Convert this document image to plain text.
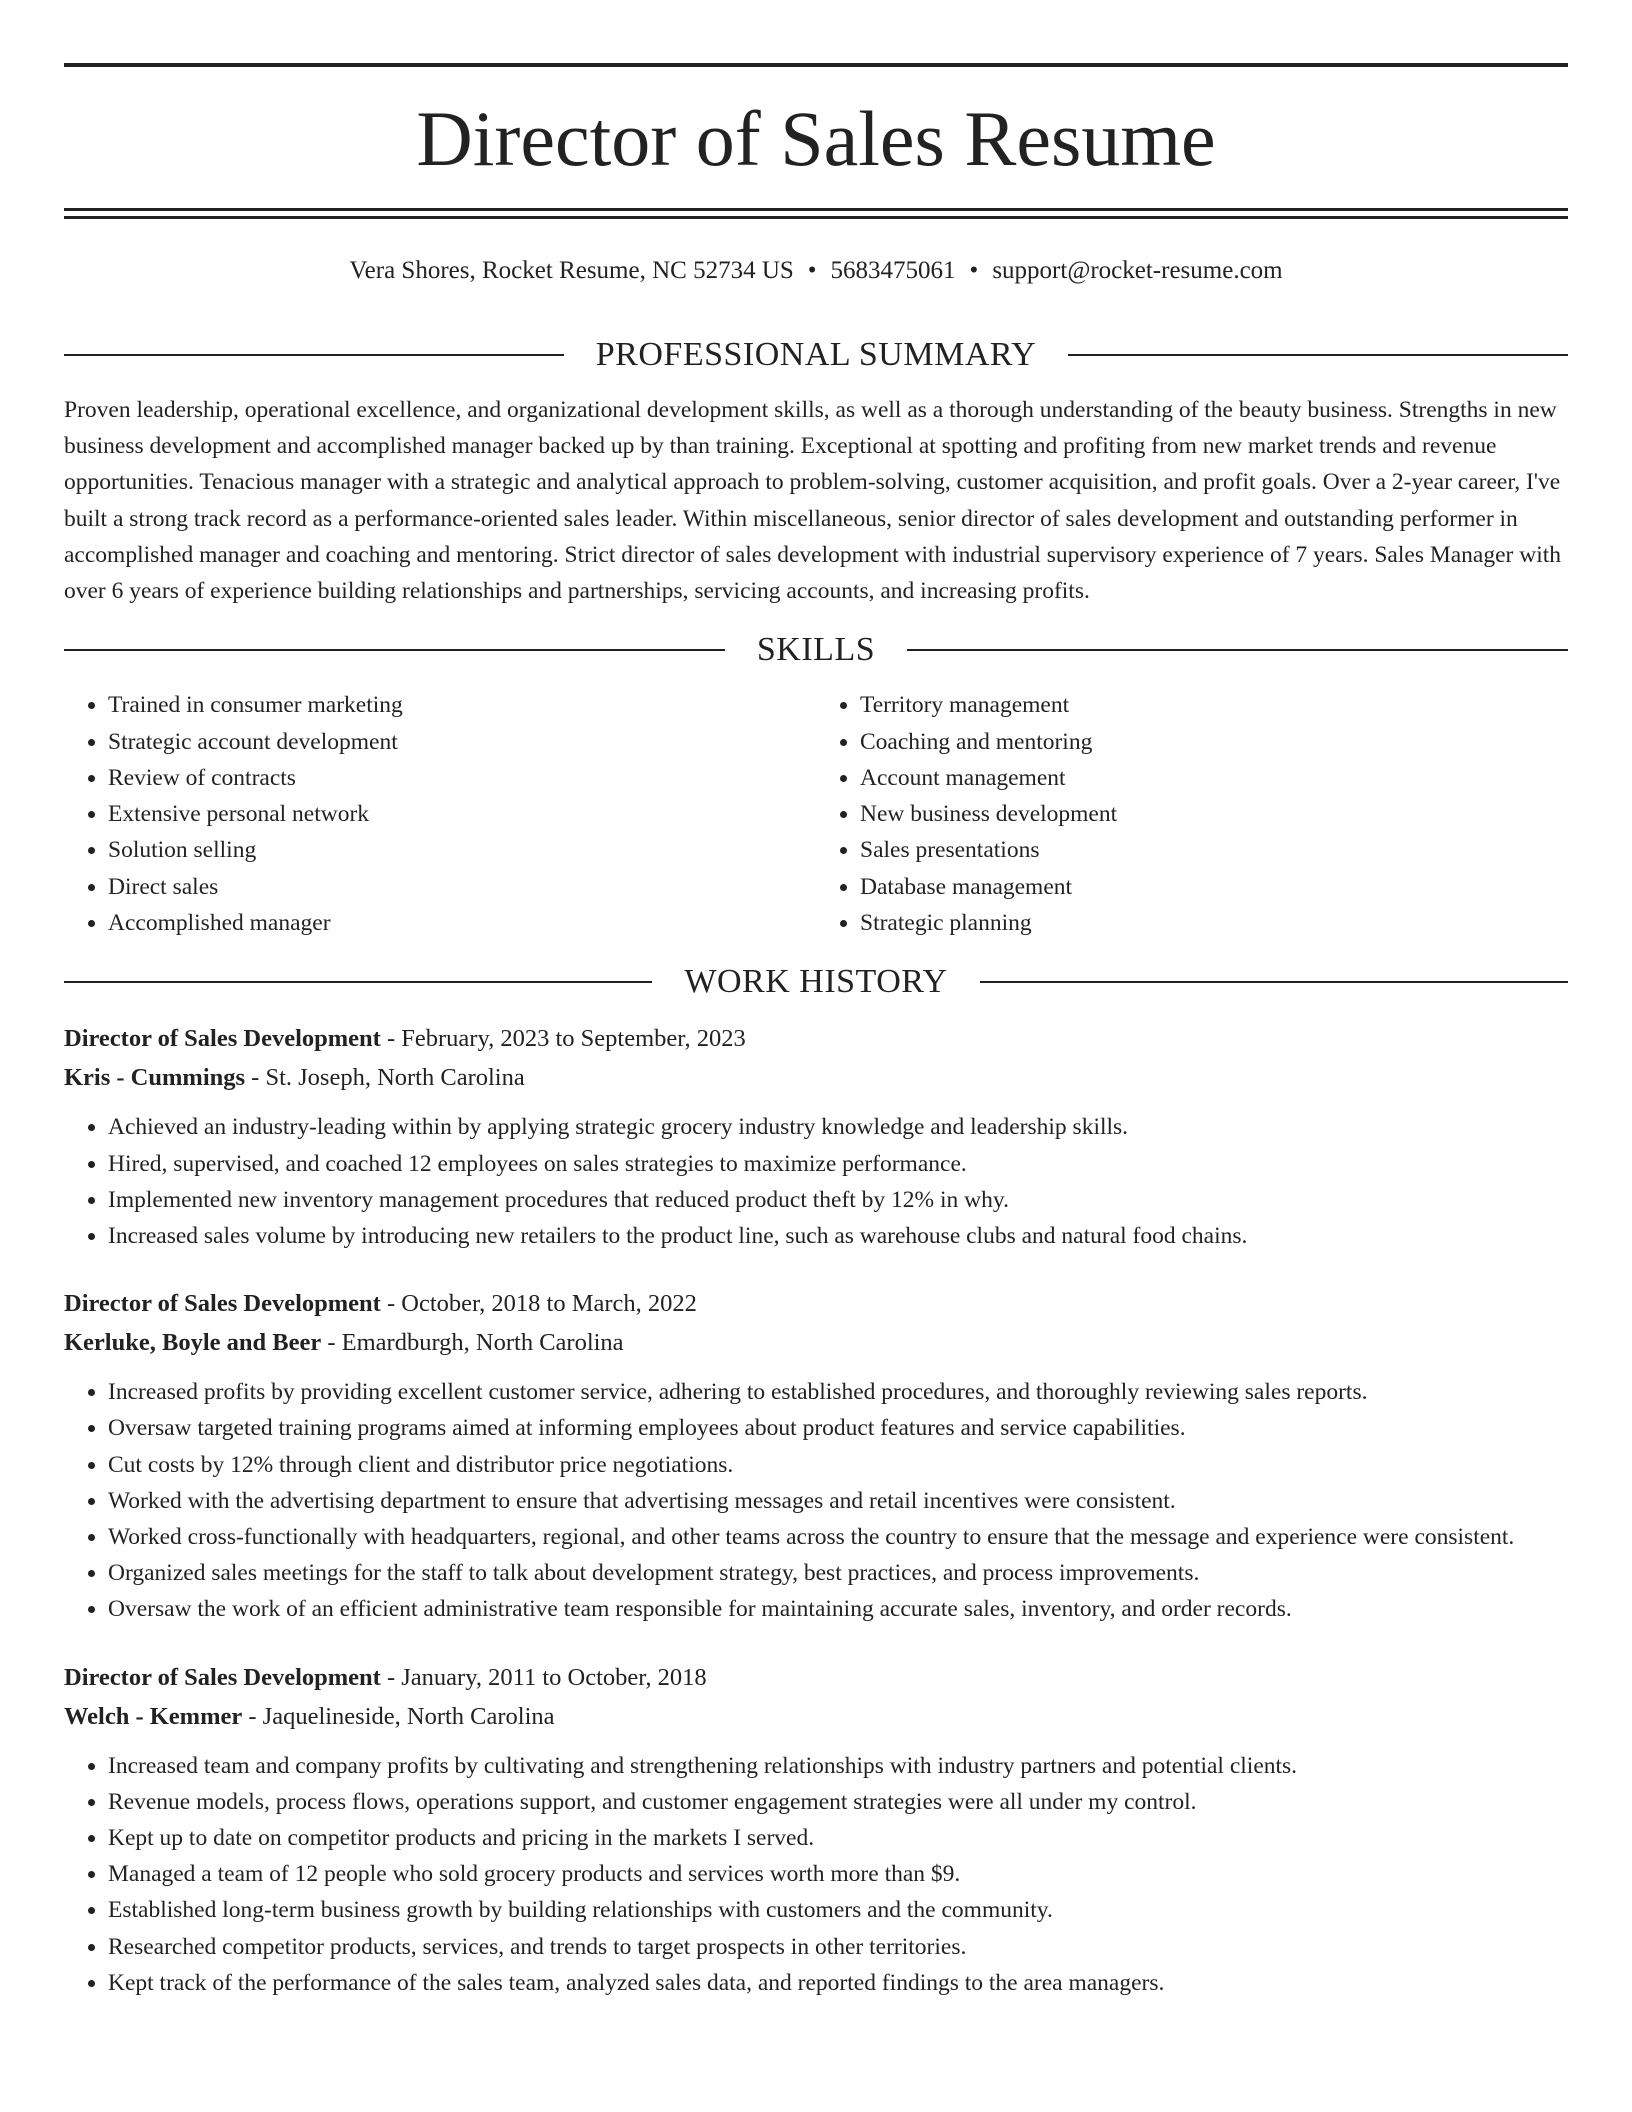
Director of Sales Resume
Vera Shores, Rocket Resume, NC 52734 US • 5683475061 • support@rocket-resume.com
PROFESSIONAL SUMMARY

Proven leadership, operational excellence, and organizational development skills, as well as a thorough understanding of the beauty business. Strengths in new business development and accomplished manager backed up by than training. Exceptional at spotting and profiting from new market trends and revenue opportunities. Tenacious manager with a strategic and analytical approach to problem-solving, customer acquisition, and profit goals. Over a 2-year career, I've built a strong track record as a performance-oriented sales leader. Within miscellaneous, senior director of sales development and outstanding performer in accomplished manager and coaching and mentoring. Strict director of sales development with industrial supervisory experience of 7 years. Sales Manager with over 6 years of experience building relationships and partnerships, servicing accounts, and increasing profits.

SKILLS
• Trained in consumer marketing
• Strategic account development
• Review of contracts
• Extensive personal network
• Solution selling
• Direct sales
• Accomplished manager
• Territory management
• Coaching and mentoring
• Account management
• New business development
• Sales presentations
• Database management
• Strategic planning
WORK HISTORY
Director of Sales Development - February, 2023 to September, 2023
Kris - Cummings - St. Joseph, North Carolina
• Achieved an industry-leading within by applying strategic grocery industry knowledge and leadership skills.
• Hired, supervised, and coached 12 employees on sales strategies to maximize performance.
• Implemented new inventory management procedures that reduced product theft by 12% in why.
• Increased sales volume by introducing new retailers to the product line, such as warehouse clubs and natural food chains.
Director of Sales Development - October, 2018 to March, 2022
Kerluke, Boyle and Beer - Emardburgh, North Carolina
• Increased profits by providing excellent customer service, adhering to established procedures, and thoroughly reviewing sales reports.
• Oversaw targeted training programs aimed at informing employees about product features and service capabilities.
• Cut costs by 12% through client and distributor price negotiations.
• Worked with the advertising department to ensure that advertising messages and retail incentives were consistent.
• Worked cross-functionally with headquarters, regional, and other teams across the country to ensure that the message and experience were consistent.
• Organized sales meetings for the staff to talk about development strategy, best practices, and process improvements.
• Oversaw the work of an efficient administrative team responsible for maintaining accurate sales, inventory, and order records.
Director of Sales Development - January, 2011 to October, 2018
Welch - Kemmer - Jaquelineside, North Carolina
• Increased team and company profits by cultivating and strengthening relationships with industry partners and potential clients.
• Revenue models, process flows, operations support, and customer engagement strategies were all under my control.
• Kept up to date on competitor products and pricing in the markets I served.
• Managed a team of 12 people who sold grocery products and services worth more than $9.
• Established long-term business growth by building relationships with customers and the community.
• Researched competitor products, services, and trends to target prospects in other territories.
• Kept track of the performance of the sales team, analyzed sales data, and reported findings to the area managers.
